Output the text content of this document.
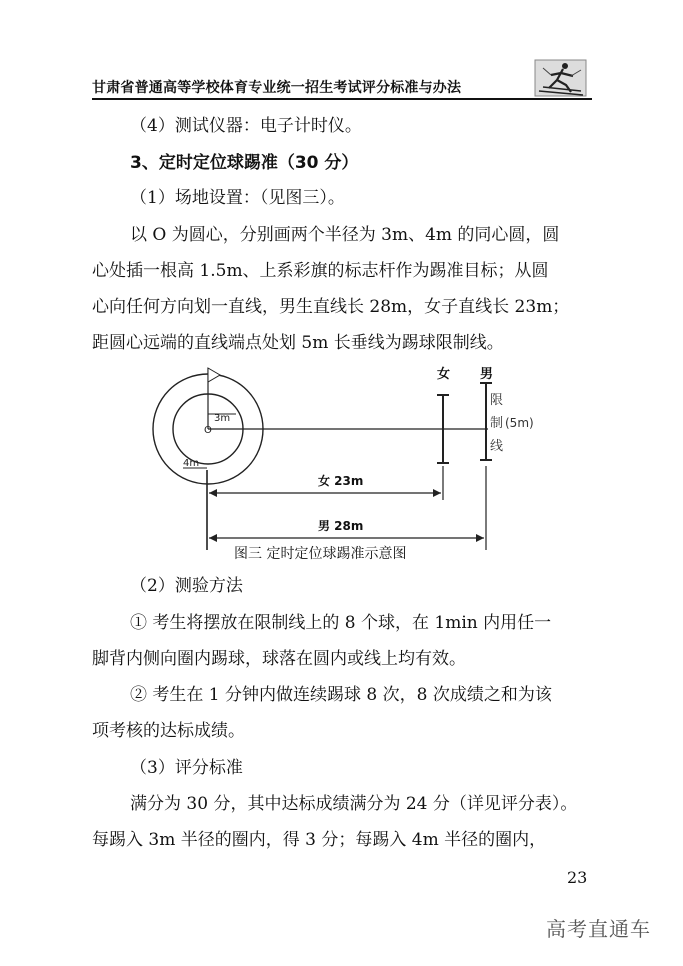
甘肃省普通高等学校体育专业统一招生考试评分标准与办法
（4）测试仪器：电子计时仪。
3、定时定位球踢准（30 分）
（1）场地设置：（见图三）。
以 O 为圆心，分别画两个半径为 3m、4m 的同心圆，圆
心处插一根高 1.5m、上系彩旗的标志杆作为踢准目标；从圆
心向任何方向划一直线，男生直线长 28m，女子直线长 23m；
距圆心远端的直线端点处划 5m 长垂线为踢球限制线。
3m
O
4m
女 男
限
制
线
(5m)
女 23m
男 28m
图三 定时定位球踢准示意图
（2）测验方法
① 考生将摆放在限制线上的 8 个球，在 1min 内用任一
脚背内侧向圈内踢球，球落在圆内或线上均有效。
② 考生在 1 分钟内做连续踢球 8 次，8 次成绩之和为该
项考核的达标成绩。
（3）评分标准
满分为 30 分，其中达标成绩满分为 24 分（详见评分表）。
每踢入 3m 半径的圈内，得 3 分；每踢入 4m 半径的圈内，
23
高考直通车
